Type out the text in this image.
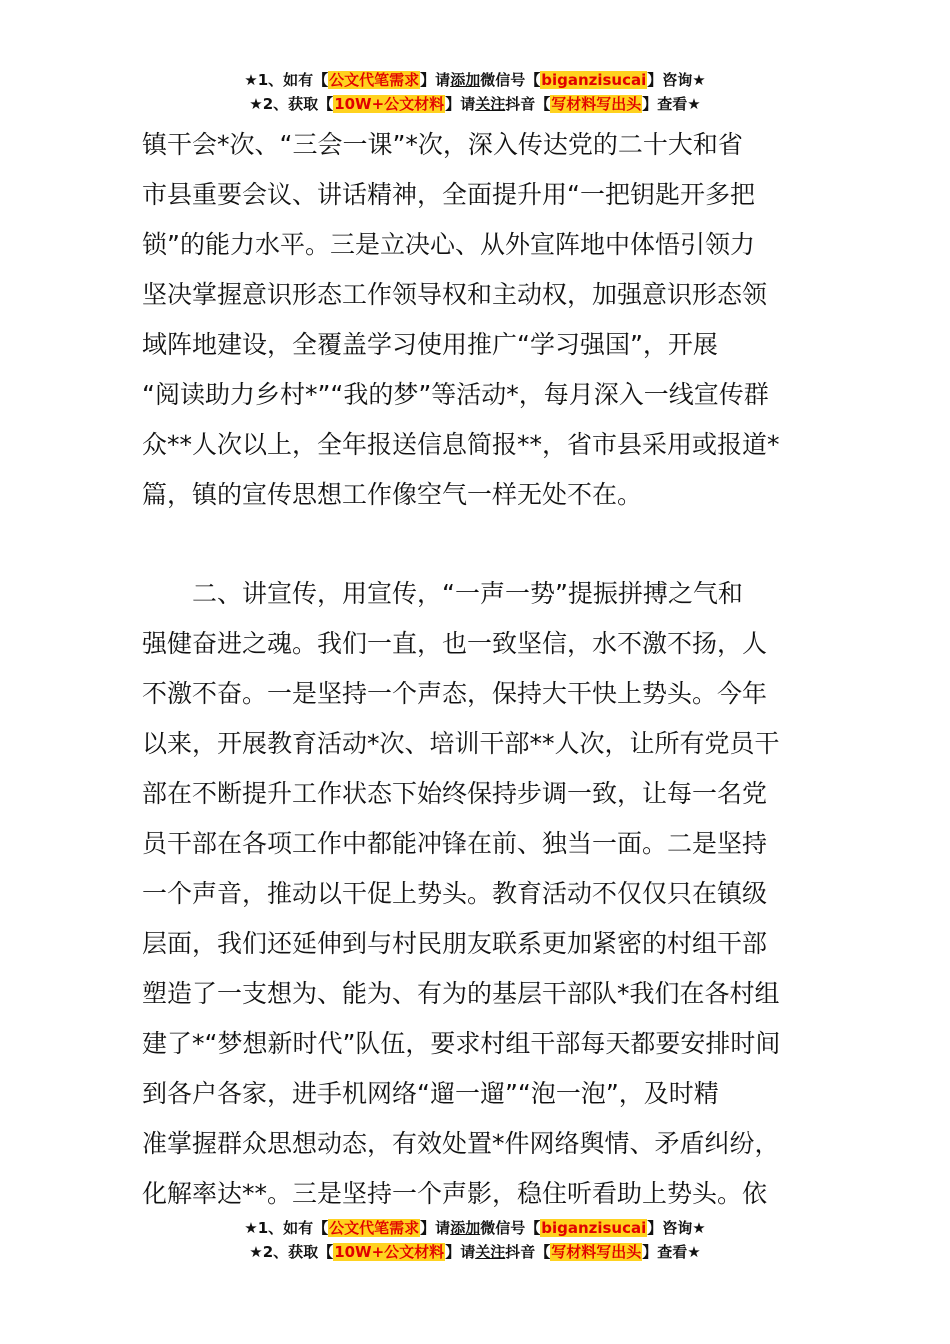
★1、如有【公文代笔需求】请添加微信号【biganzisucai】咨询★
★2、获取【10W+公文材料】请关注抖音【写材料写出头】查看★
镇干会*次、“三会一课”*次，深入传达党的二十大和省
市县重要会议、讲话精神，全面提升用“一把钥匙开多把
锁”的能力水平。三是立决心、从外宣阵地中体悟引领力
坚决掌握意识形态工作领导权和主动权，加强意识形态领
域阵地建设，全覆盖学习使用推广“学习强国”，开展
“阅读助力乡村*”“我的梦”等活动*，每月深入一线宣传群
众**人次以上，全年报送信息简报**，省市县采用或报道*
篇，镇的宣传思想工作像空气一样无处不在。
　　二、讲宣传，用宣传，“一声一势”提振拼搏之气和
强健奋进之魂。我们一直，也一致坚信，水不激不扬，人
不激不奋。一是坚持一个声态，保持大干快上势头。今年
以来，开展教育活动*次、培训干部**人次，让所有党员干
部在不断提升工作状态下始终保持步调一致，让每一名党
员干部在各项工作中都能冲锋在前、独当一面。二是坚持
一个声音，推动以干促上势头。教育活动不仅仅只在镇级
层面，我们还延伸到与村民朋友联系更加紧密的村组干部
塑造了一支想为、能为、有为的基层干部队*我们在各村组
建了*“梦想新时代”队伍，要求村组干部每天都要安排时间
到各户各家，进手机网络“遛一遛”“泡一泡”，及时精
准掌握群众思想动态，有效处置*件网络舆情、矛盾纠纷，
化解率达**。三是坚持一个声影，稳住听看助上势头。依
★1、如有【公文代笔需求】请添加微信号【biganzisucai】咨询★
★2、获取【10W+公文材料】请关注抖音【写材料写出头】查看★
